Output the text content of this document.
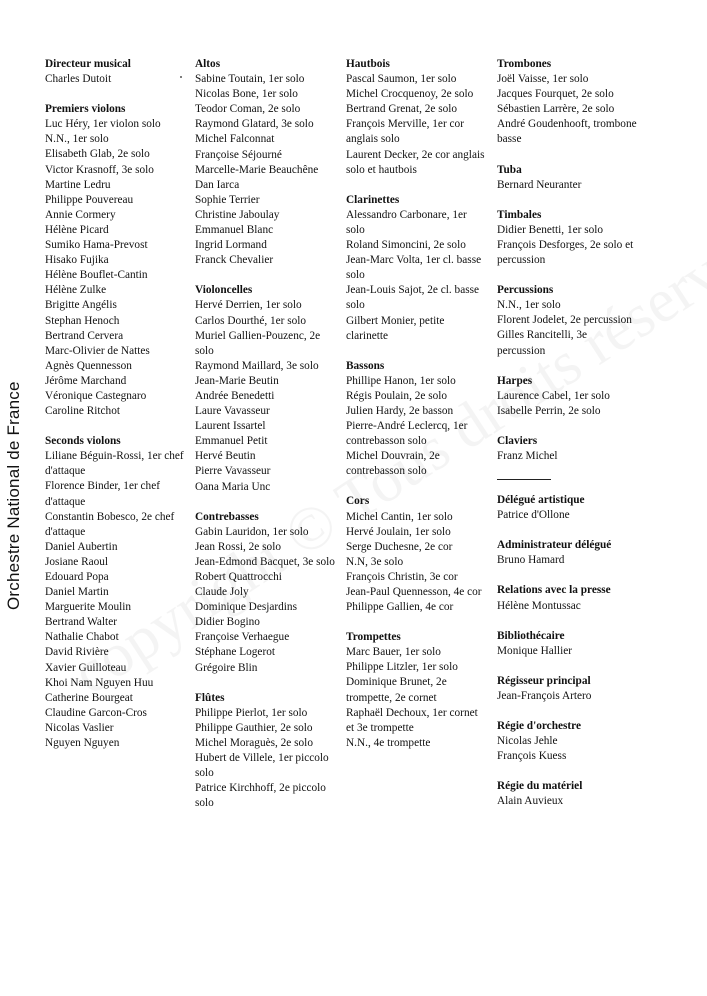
Orchestre National de France
Directeur musical
Charles Dutoit
Premiers violons
Luc Héry, 1er violon solo
N.N., 1er solo
Elisabeth Glab, 2e solo
Victor Krasnoff, 3e solo
Martine Ledru
Philippe Pouvereau
Annie Cormery
Hélène Picard
Sumiko Hama-Prevost
Hisako Fujika
Hélène Bouflet-Cantin
Hélène Zulke
Brigitte Angélis
Stephan Henoch
Bertrand Cervera
Marc-Olivier de Nattes
Agnès Quennesson
Jérôme Marchand
Véronique Castegnaro
Caroline Ritchot
Seconds violons
Liliane Béguin-Rossi, 1er chef d'attaque
Florence Binder, 1er chef d'attaque
Constantin Bobesco, 2e chef d'attaque
Daniel Aubertin
Josiane Raoul
Edouard Popa
Daniel Martin
Marguerite Moulin
Bertrand Walter
Nathalie Chabot
David Rivière
Xavier Guilloteau
Khoi Nam Nguyen Huu
Catherine Bourgeat
Claudine Garcon-Cros
Nicolas Vaslier
Nguyen Nguyen
Altos
Sabine Toutain, 1er solo
Nicolas Bone, 1er solo
Teodor Coman, 2e solo
Raymond Glatard, 3e solo
Michel Falconnat
Françoise Séjourné
Marcelle-Marie Beauchêne
Dan Iarca
Sophie Terrier
Christine Jaboulay
Emmanuel Blanc
Ingrid Lormand
Franck Chevalier
Violoncelles
Hervé Derrien, 1er solo
Carlos Dourthé, 1er solo
Muriel Gallien-Pouzenc, 2e solo
Raymond Maillard, 3e solo
Jean-Marie Beutin
Andrée Benedetti
Laure Vavasseur
Laurent Issartel
Emmanuel Petit
Hervé Beutin
Pierre Vavasseur
Oana Maria Unc
Contrebasses
Gabin Lauridon, 1er solo
Jean Rossi, 2e solo
Jean-Edmond Bacquet, 3e solo
Robert Quattrocchi
Claude Joly
Dominique Desjardins
Didier Bogino
Françoise Verhaegue
Stéphane Logerot
Grégoire Blin
Flûtes
Philippe Pierlot, 1er solo
Philippe Gauthier, 2e solo
Michel Moraguès, 2e solo
Hubert de Villele, 1er piccolo solo
Patrice Kirchhoff, 2e piccolo solo
Hautbois
Pascal Saumon, 1er solo
Michel Crocquenoy, 2e solo
Bertrand Grenat, 2e solo
François Merville, 1er cor anglais solo
Laurent Decker, 2e cor anglais solo et hautbois
Clarinettes
Alessandro Carbonare, 1er solo
Roland Simoncini, 2e solo
Jean-Marc Volta, 1er cl. basse solo
Jean-Louis Sajot, 2e cl. basse solo
Gilbert Monier, petite clarinette
Bassons
Phillipe Hanon, 1er solo
Régis Poulain, 2e solo
Julien Hardy, 2e basson
Pierre-André Leclercq, 1er contrebasson solo
Michel Douvrain, 2e contrebasson solo
Cors
Michel Cantin, 1er solo
Hervé Joulain, 1er solo
Serge Duchesne, 2e cor
N.N, 3e solo
François Christin, 3e cor
Jean-Paul Quennesson, 4e cor
Philippe Gallien, 4e cor
Trompettes
Marc Bauer, 1er solo
Philippe Litzler, 1er solo
Dominique Brunet, 2e trompette, 2e cornet
Raphaël Dechoux, 1er cornet et 3e trompette
N.N., 4e trompette
Trombones
Joël Vaisse, 1er solo
Jacques Fourquet, 2e solo
Sébastien Larrère, 2e solo
André Goudenhooft, trombone basse
Tuba
Bernard Neuranter
Timbales
Didier Benetti, 1er solo
François Desforges, 2e solo et percussion
Percussions
N.N., 1er solo
Florent Jodelet, 2e percussion
Gilles Rancitelli, 3e percussion
Harpes
Laurence Cabel, 1er solo
Isabelle Perrin, 2e solo
Claviers
Franz Michel
Délégué artistique
Patrice d'Ollone
Administrateur délégué
Bruno Hamard
Relations avec la presse
Hélène Montussac
Bibliothécaire
Monique Hallier
Régisseur principal
Jean-François Artero
Régie d'orchestre
Nicolas Jehle
François Kuess
Régie du matériel
Alain Auvieux
